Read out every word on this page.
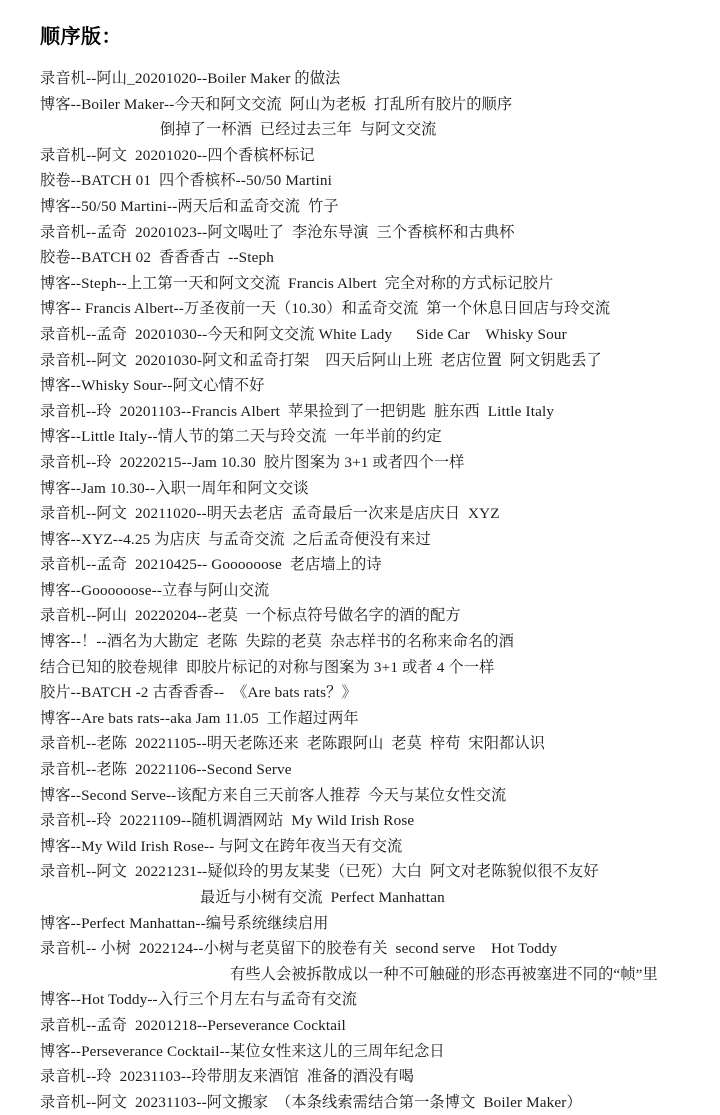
顺序版：
录音机--阿山_20201020--Boiler Maker 的做法
博客--Boiler Maker--今天和阿文交流  阿山为老板  打乱所有胶片的顺序
倒掉了一杯酒  已经过去三年  与阿文交流
录音机--阿文  20201020--四个香槟杯标记
胶卷--BATCH 01  四个香槟杯--50/50 Martini
博客--50/50 Martini--两天后和孟奇交流  竹子
录音机--孟奇  20201023--阿文喝吐了  李沧东导演  三个香槟杯和古典杯
胶卷--BATCH 02  香香香古  --Steph
博客--Steph--上工第一天和阿文交流  Francis Albert  完全对称的方式标记胶片
博客-- Francis Albert--万圣夜前一天（10.30）和孟奇交流  第一个休息日回店与玲交流
录音机--孟奇  20201030--今天和阿文交流 White Lady      Side Car    Whisky Sour
录音机--阿文  20201030-阿文和孟奇打架    四天后阿山上班  老店位置  阿文钥匙丢了
博客--Whisky Sour--阿文心情不好
录音机--玲  20201103--Francis Albert  苹果捡到了一把钥匙  脏东西  Little Italy
博客--Little Italy--情人节的第二天与玲交流  一年半前的约定
录音机--玲  20220215--Jam 10.30  胶片图案为 3+1 或者四个一样
博客--Jam 10.30--入职一周年和阿文交谈
录音机--阿文  20211020--明天去老店  孟奇最后一次来是店庆日  XYZ
博客--XYZ--4.25 为店庆  与孟奇交流  之后孟奇便没有来过
录音机--孟奇  20210425-- Goooooose  老店墙上的诗
博客--Goooooose--立春与阿山交流
录音机--阿山  20220204--老莫  一个标点符号做名字的酒的配方
博客--！--酒名为大勘定  老陈  失踪的老莫  杂志样书的名称来命名的酒
结合已知的胶卷规律  即胶片标记的对称与图案为 3+1 或者 4 个一样
胶片--BATCH -2 古香香香--  《Are bats rats？》
博客--Are bats rats--aka Jam 11.05  工作超过两年
录音机--老陈  20221105--明天老陈还来  老陈跟阿山  老莫  梓苟  宋阳都认识
录音机--老陈  20221106--Second Serve
博客--Second Serve--该配方来自三天前客人推荐  今天与某位女性交流
录音机--玲  20221109--随机调酒网站  My Wild Irish Rose
博客--My Wild Irish Rose-- 与阿文在跨年夜当天有交流
录音机--阿文  20221231--疑似玲的男友某斐（已死）大白  阿文对老陈貌似很不友好
最近与小树有交流  Perfect Manhattan
博客--Perfect Manhattan--编号系统继续启用
录音机-- 小树  2022124--小树与老莫留下的胶卷有关  second serve    Hot Toddy
有些人会被拆散成以一种不可触碰的形态再被塞进不同的“帧”里
博客--Hot Toddy--入行三个月左右与孟奇有交流
录音机--孟奇  20201218--Perseverance Cocktail
博客--Perseverance Cocktail--某位女性来这儿的三周年纪念日
录音机--玲  20231103--玲带朋友来酒馆  准备的酒没有喝
录音机--阿文  20231103--阿文搬家  （本条线索需结合第一条博文  Boiler Maker）
